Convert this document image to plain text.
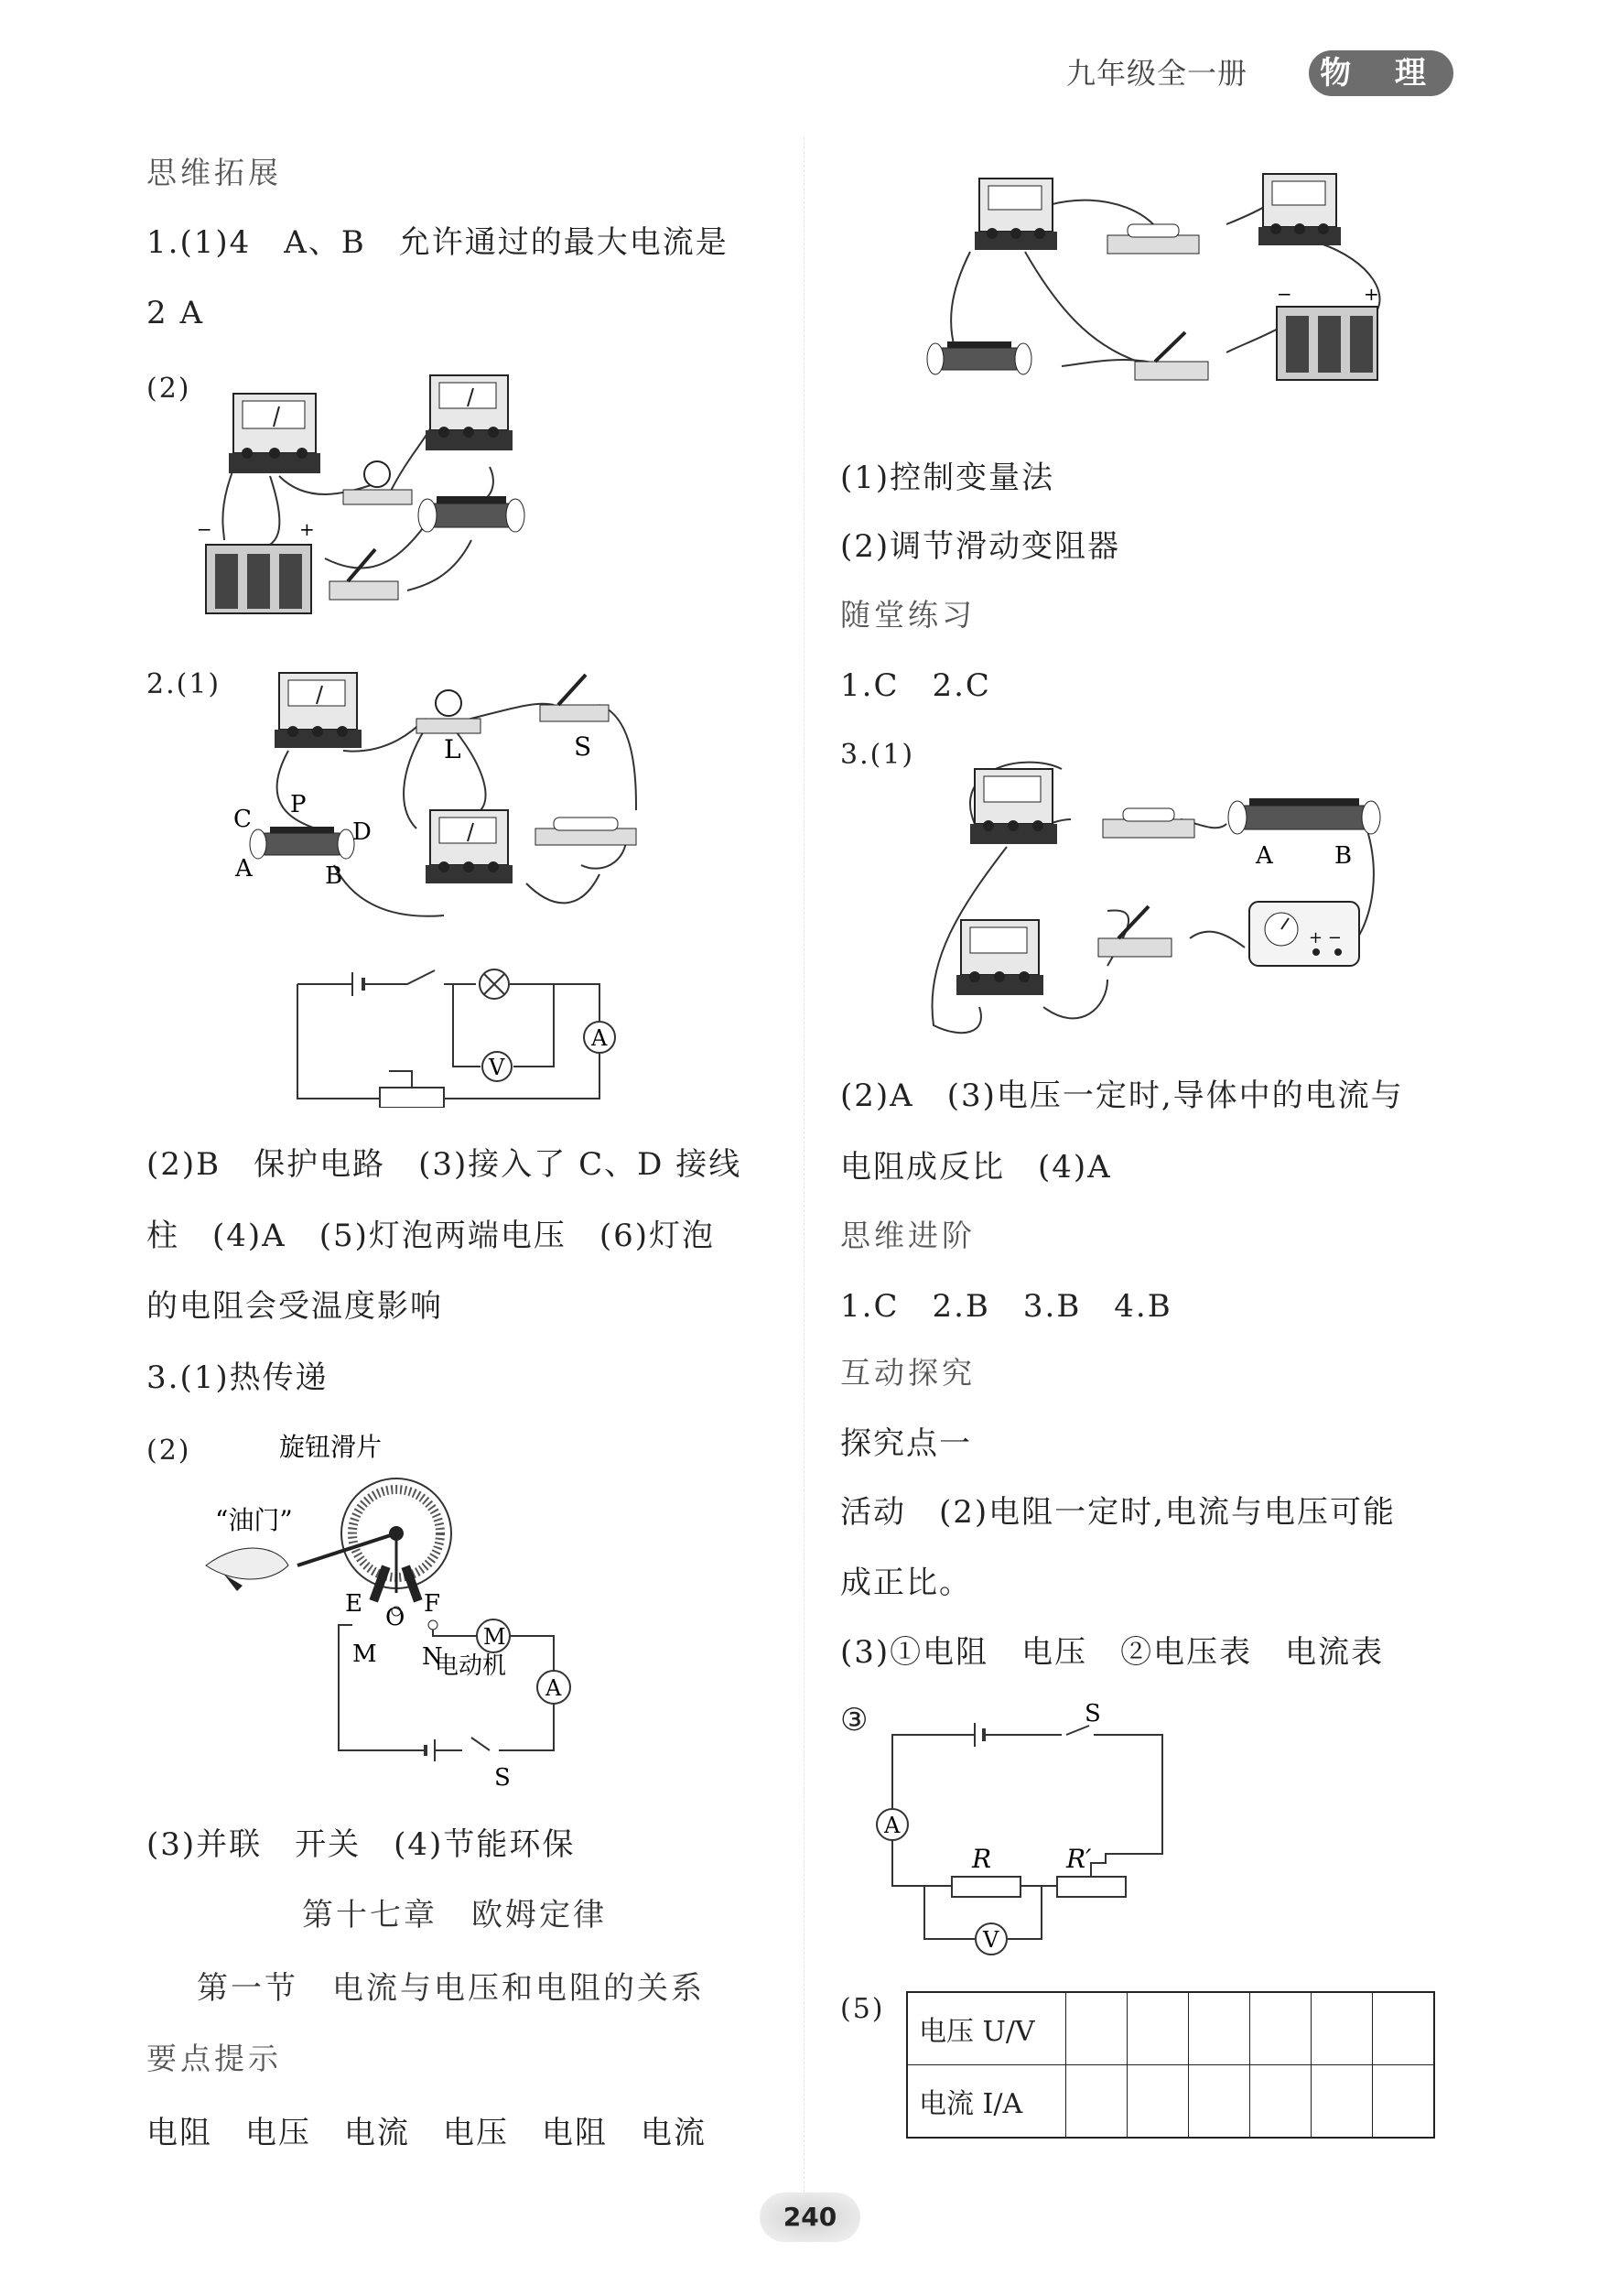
九年级全一册	物 理
思维拓展
1.(1)4　A、B　允许通过的最大电流是
2 A
(2)
−	+
2.(1)
L	S
C
P
D
A	B
V
A
(2)B　保护电路　(3)接入了 C、D 接线
柱　(4)A　(5)灯泡两端电压　(6)灯泡
的电阻会受温度影响
3.(1)热传递
(2)	旋钮滑片
“油门”
E O F
M N
M
电动机
A
S
(3)并联　开关　(4)节能环保
第十七章　欧姆定律
第一节　电流与电压和电阻的关系
要点提示
电阻　电压　电流　电压　电阻　电流
−	+
(1)控制变量法
(2)调节滑动变阻器
随堂练习
1.C　2.C
3.(1)
A	B
+ −
(2)A　(3)电压一定时,导体中的电流与
电阻成反比　(4)A
思维进阶
1.C　2.B　3.B　4.B
互动探究
探究点一
活动　(2)电阻一定时,电流与电压可能
成正比。
(3)①电阻　电压　②电压表　电流表
③	S
A
R	R′
V
(5)
电压 U/V						
电流 I/A						
240
